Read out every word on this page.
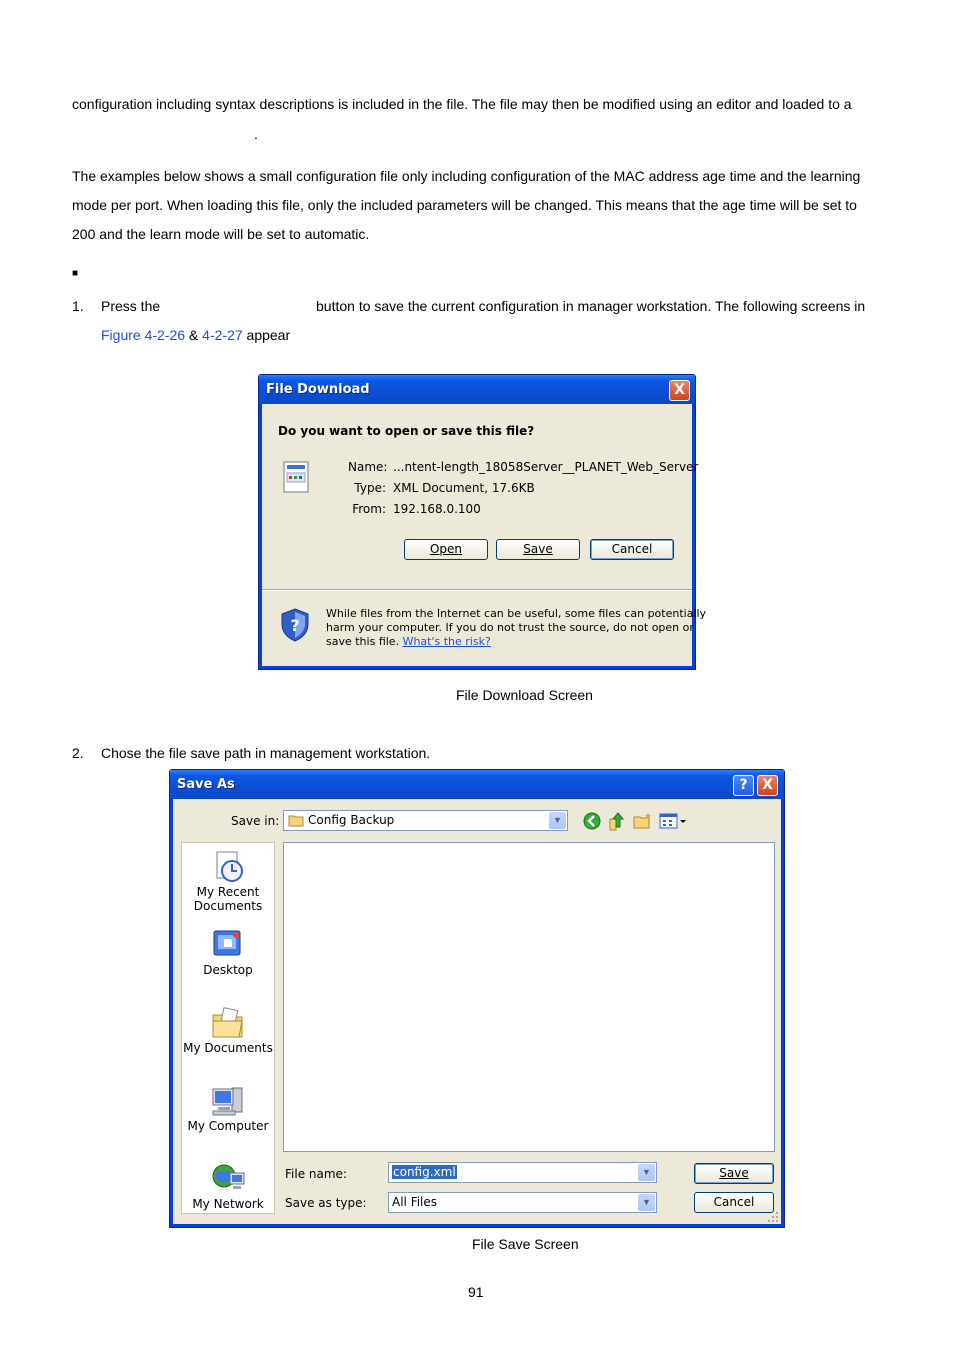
configuration including syntax descriptions is included in the file. The file may then be modified using an editor and loaded to a
.
The examples below shows a small configuration file only including configuration of the MAC address age time and the learning
mode per port. When loading this file, only the included parameters will be changed. This means that the age time will be set to
200 and the learn mode will be set to automatic.
■
1. Press the	button to save the current configuration in manager workstation. The following screens in
Figure 4-2-26 & 4-2-27 appear
File Download	X
Do you want to open or save this file?
Name: ...ntent-length_18058Server__PLANET_Web_Server
Type: XML Document, 17.6KB
From: 192.168.0.100
Open	Save	Cancel
?
While files from the Internet can be useful, some files can potentially
harm your computer. If you do not trust the source, do not open or
save this file. What's the risk?
File Download Screen
2. Chose the file save path in management workstation.
Save As	?	X
Save in: Config Backup	▼
My Recent
Documents
Desktop
My Documents
My Computer
My Network
File name:	config.xml	▼
Save as type: All Files	▼
Save
Cancel
File Save Screen
91
